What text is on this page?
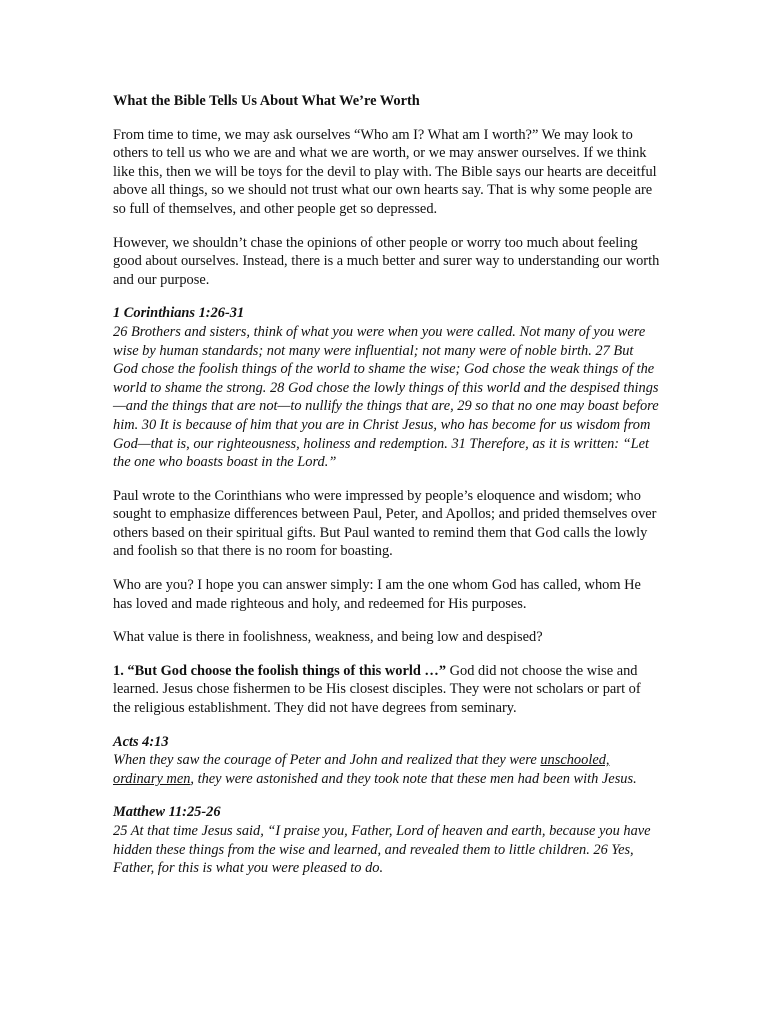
What the Bible Tells Us About What We’re Worth

From time to time, we may ask ourselves “Who am I? What am I worth?” We may look to others to tell us who we are and what we are worth, or we may answer ourselves. If we think like this, then we will be toys for the devil to play with. The Bible says our hearts are deceitful above all things, so we should not trust what our own hearts say. That is why some people are so full of themselves, and other people get so depressed.

However, we shouldn’t chase the opinions of other people or worry too much about feeling good about ourselves. Instead, there is a much better and surer way to understanding our worth and our purpose.

1 Corinthians 1:26-31
26 Brothers and sisters, think of what you were when you were called. Not many of you were wise by human standards; not many were influential; not many were of noble birth. 27 But God chose the foolish things of the world to shame the wise; God chose the weak things of the world to shame the strong. 28 God chose the lowly things of this world and the despised things—and the things that are not—to nullify the things that are, 29 so that no one may boast before him. 30 It is because of him that you are in Christ Jesus, who has become for us wisdom from God—that is, our righteousness, holiness and redemption. 31 Therefore, as it is written: “Let the one who boasts boast in the Lord.”

Paul wrote to the Corinthians who were impressed by people’s eloquence and wisdom; who sought to emphasize differences between Paul, Peter, and Apollos; and prided themselves over others based on their spiritual gifts. But Paul wanted to remind them that God calls the lowly and foolish so that there is no room for boasting.

Who are you? I hope you can answer simply: I am the one whom God has called, whom He has loved and made righteous and holy, and redeemed for His purposes.

What value is there in foolishness, weakness, and being low and despised?

1. “But God choose the foolish things of this world …” God did not choose the wise and learned. Jesus chose fishermen to be His closest disciples. They were not scholars or part of the religious establishment. They did not have degrees from seminary.

Acts 4:13
When they saw the courage of Peter and John and realized that they were unschooled, ordinary men, they were astonished and they took note that these men had been with Jesus.

Matthew 11:25-26
25 At that time Jesus said, “I praise you, Father, Lord of heaven and earth, because you have hidden these things from the wise and learned, and revealed them to little children. 26 Yes, Father, for this is what you were pleased to do.
